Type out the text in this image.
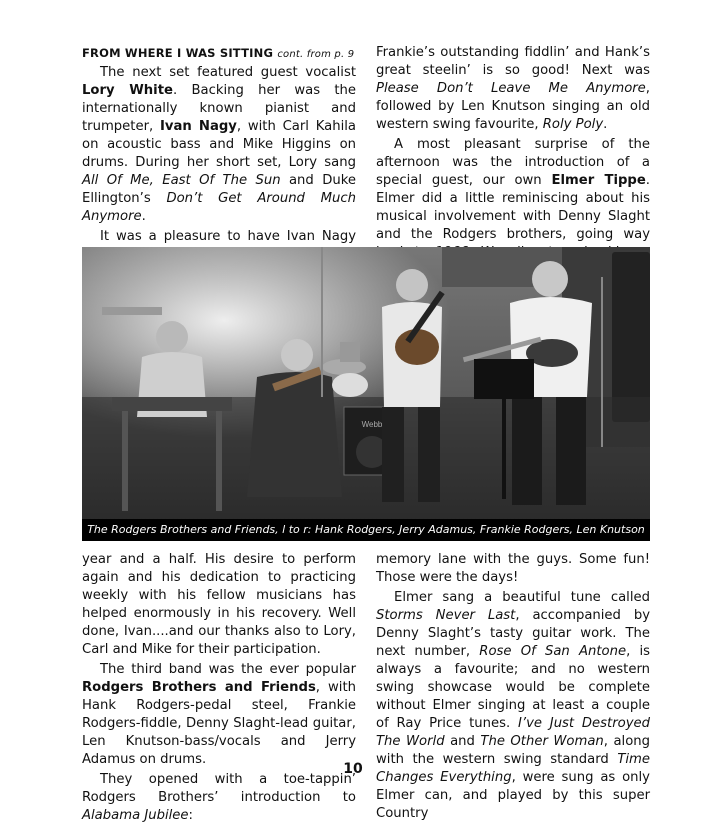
FROM WHERE I WAS SITTING cont. from p. 9

The next set featured guest vocalist Lory White. Backing her was the internationally known pianist and trumpeter, Ivan Nagy, with Carl Kahila on acoustic bass and Mike Higgins on drums. During her short set, Lory sang All Of Me, East Of The Sun and Duke Ellington’s Don’t Get Around Much Anymore.

It was a pleasure to have Ivan Nagy

Frankie’s outstanding fiddlin’ and Hank’s great steelin’ is so good! Next was Please Don’t Leave Me Anymore, followed by Len Knutson singing an old western swing favourite, Roly Poly.

A most pleasant surprise of the afternoon was the introduction of a special guest, our own Elmer Tippe. Elmer did a little reminiscing about his musical involvement with Denny Slaght and the Rodgers brothers, going way

Webb
The Rodgers Brothers and Friends, l to r: Hank Rodgers, Jerry Adamus, Frankie Rodgers, Len Knutson

year and a half. His desire to perform again and his dedication to practicing weekly with his fellow musicians has helped enormously in his recovery. Well done, Ivan....and our thanks also to Lory, Carl and Mike for their participation.

The third band was the ever popular Rodgers Brothers and Friends, with Hank Rodgers-pedal steel, Frankie Rodgers-fiddle, Denny Slaght-lead guitar, Len Knutson-bass/vocals and Jerry Adamus on drums.

They opened with a toe-tappin’ Rodgers Brothers’ introduction to Alabama Jubilee:

memory lane with the guys. Some fun! Those were the days!

Elmer sang a beautiful tune called Storms Never Last, accompanied by Denny Slaght’s tasty guitar work. The next number, Rose Of San Antone, is always a favourite; and no western swing showcase would be complete without Elmer singing at least a couple of Ray Price tunes. I’ve Just Destroyed The World and The Other Woman, along with the western swing standard Time Changes Everything, were sung as only Elmer can, and played by this super Country

10
